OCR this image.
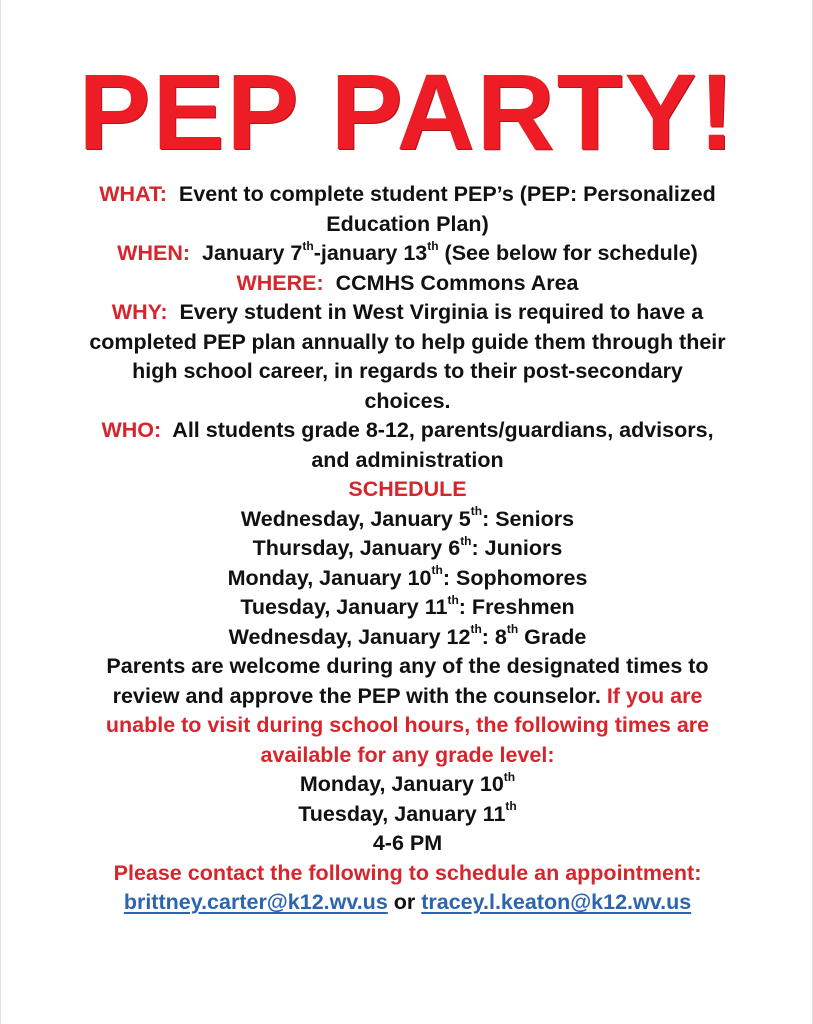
PEP PARTY!
WHAT: Event to complete student PEP’s (PEP: Personalized
Education Plan)
WHEN: January 7th-january 13th (See below for schedule)
WHERE: CCMHS Commons Area
WHY: Every student in West Virginia is required to have a
completed PEP plan annually to help guide them through their
high school career, in regards to their post-secondary
choices.
WHO: All students grade 8-12, parents/guardians, advisors,
and administration
SCHEDULE
Wednesday, January 5th: Seniors
Thursday, January 6th: Juniors
Monday, January 10th: Sophomores
Tuesday, January 11th: Freshmen
Wednesday, January 12th: 8th Grade
Parents are welcome during any of the designated times to
review and approve the PEP with the counselor. If you are
unable to visit during school hours, the following times are
available for any grade level:
Monday, January 10th
Tuesday, January 11th
4-6 PM
Please contact the following to schedule an appointment:
brittney.carter@k12.wv.us or tracey.l.keaton@k12.wv.us
